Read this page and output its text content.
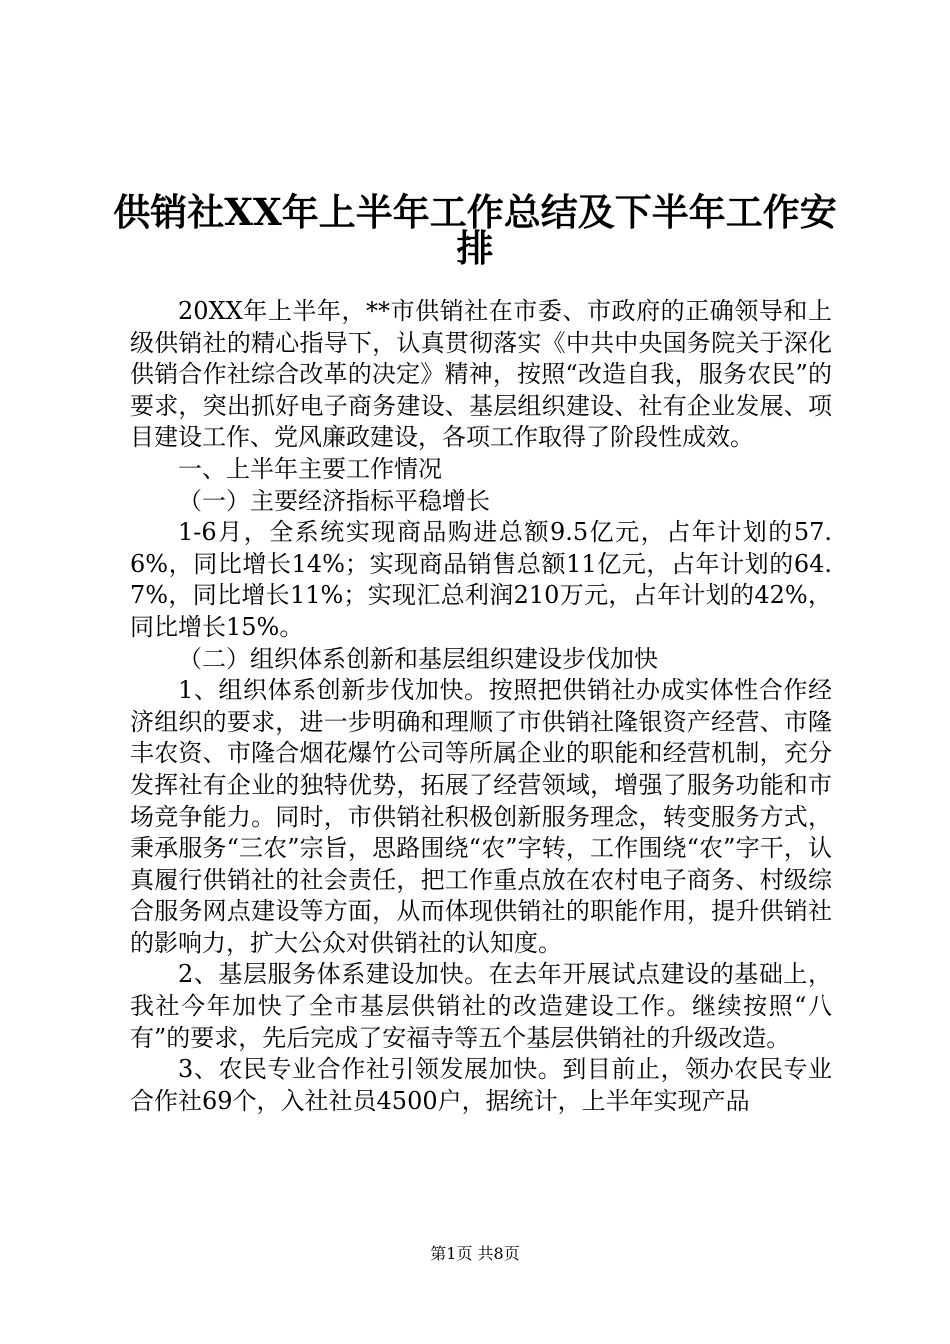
供销社XX年上半年工作总结及下半年工作安
排

20XX年上半年，**市供销社在市委、市政府的正确领导和上级供销社的精心指导下，认真贯彻落实《中共中央国务院关于深化供销合作社综合改革的决定》精神，按照“改造自我，服务农民”的要求，突出抓好电子商务建设、基层组织建设、社有企业发展、项目建设工作、党风廉政建设，各项工作取得了阶段性成效。

一、上半年主要工作情况

（一）主要经济指标平稳增长

1-6月，全系统实现商品购进总额9.5亿元，占年计划的57.6%，同比增长14%；实现商品销售总额11亿元，占年计划的64.7%，同比增长11%；实现汇总利润210万元，占年计划的42%，同比增长15%。

（二）组织体系创新和基层组织建设步伐加快

1、组织体系创新步伐加快。按照把供销社办成实体性合作经济组织的要求，进一步明确和理顺了市供销社隆银资产经营、市隆丰农资、市隆合烟花爆竹公司等所属企业的职能和经营机制，充分发挥社有企业的独特优势，拓展了经营领域，增强了服务功能和市场竞争能力。同时，市供销社积极创新服务理念，转变服务方式，秉承服务“三农”宗旨，思路围绕“农”字转，工作围绕“农”字干，认真履行供销社的社会责任，把工作重点放在农村电子商务、村级综合服务网点建设等方面，从而体现供销社的职能作用，提升供销社的影响力，扩大公众对供销社的认知度。

2、基层服务体系建设加快。在去年开展试点建设的基础上，我社今年加快了全市基层供销社的改造建设工作。继续按照“八有”的要求，先后完成了安福寺等五个基层供销社的升级改造。

3、农民专业合作社引领发展加快。到目前止，领办农民专业合作社69个，入社社员4500户，据统计，上半年实现产品

第1页 共8页
